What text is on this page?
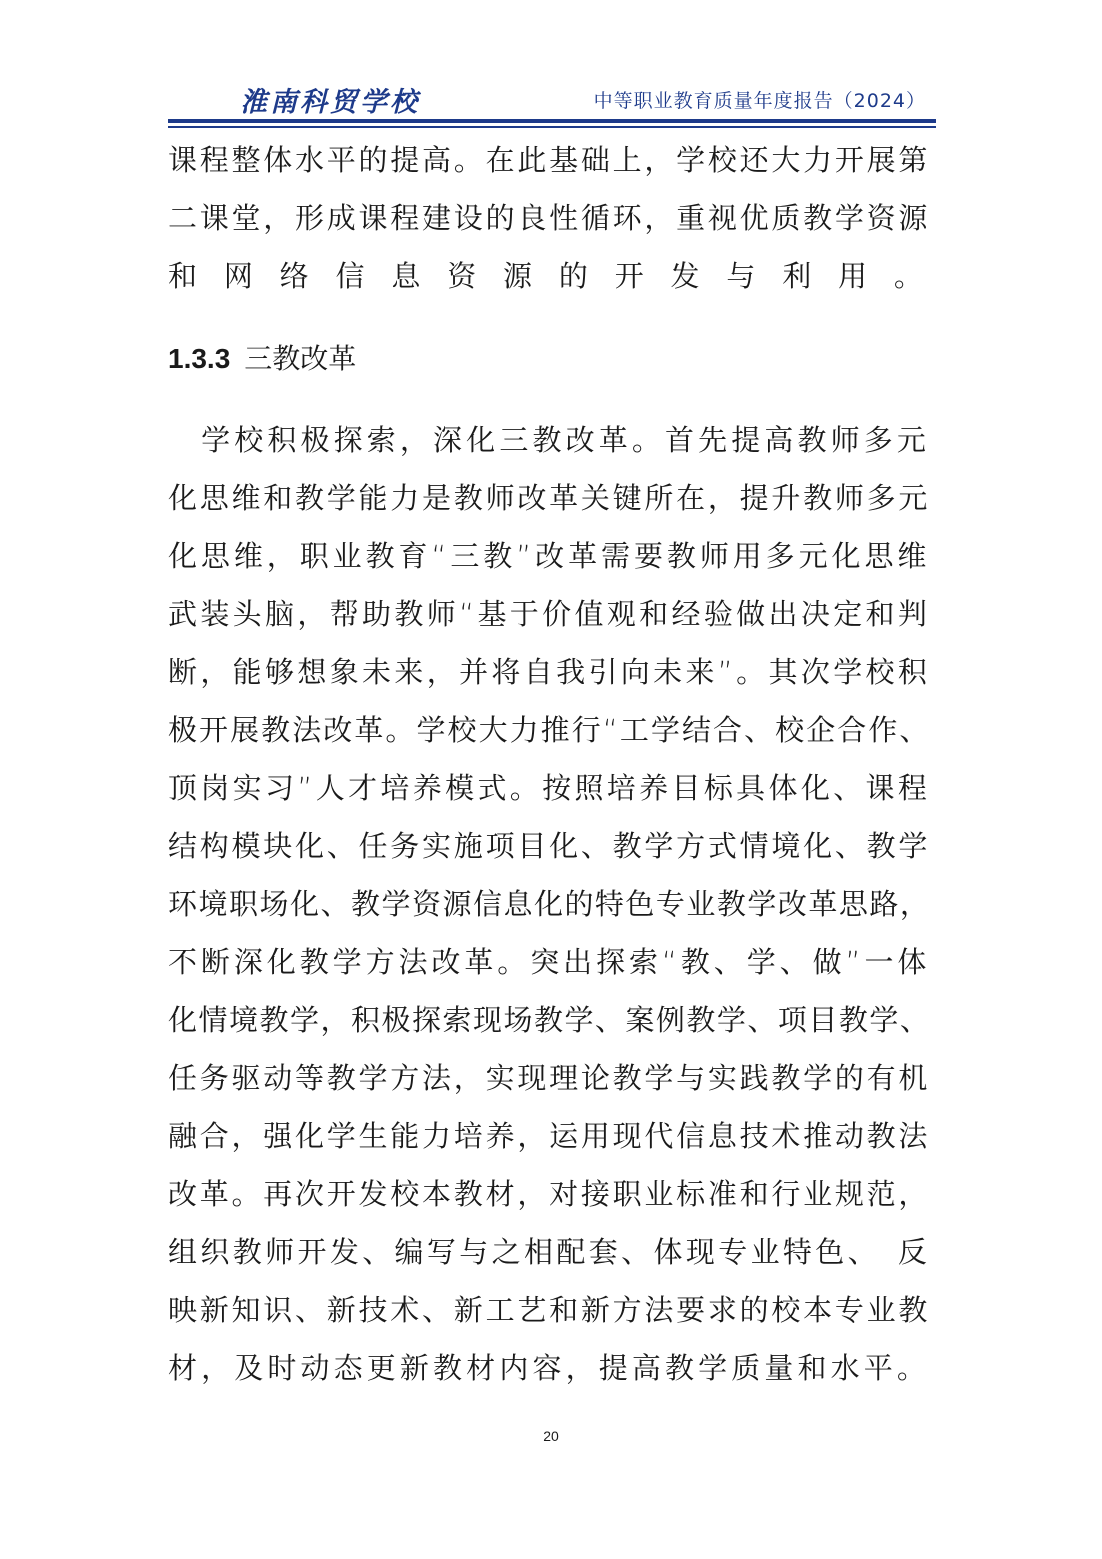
淮南科贸学校	中等职业教育质量年度报告（2024）
课程整体水平的提高。在此基础上，学校还大力开展第
二课堂，形成课程建设的良性循环，重视优质教学资源
和网络信息资源的开发与利用。
1.3.3 三教改革
　学校积极探索，深化三教改革。首先提高教师多元
化思维和教学能力是教师改革关键所在，提升教师多元
化思维，职业教育“三教”改革需要教师用多元化思维
武装头脑，帮助教师“基于价值观和经验做出决定和判
断，能够想象未来，并将自我引向未来”。其次学校积
极开展教法改革。学校大力推行“工学结合、校企合作、
顶岗实习”人才培养模式。按照培养目标具体化、课程
结构模块化、任务实施项目化、教学方式情境化、教学
环境职场化、教学资源信息化的特色专业教学改革思路，
不断深化教学方法改革。突出探索“教、学、做”一体
化情境教学，积极探索现场教学、案例教学、项目教学、
任务驱动等教学方法，实现理论教学与实践教学的有机
融合，强化学生能力培养，运用现代信息技术推动教法
改革。再次开发校本教材，对接职业标准和行业规范，
组织教师开发、编写与之相配套、体现专业特色、　反
映新知识、新技术、新工艺和新方法要求的校本专业教
材，及时动态更新教材内容，提高教学质量和水平。
20
